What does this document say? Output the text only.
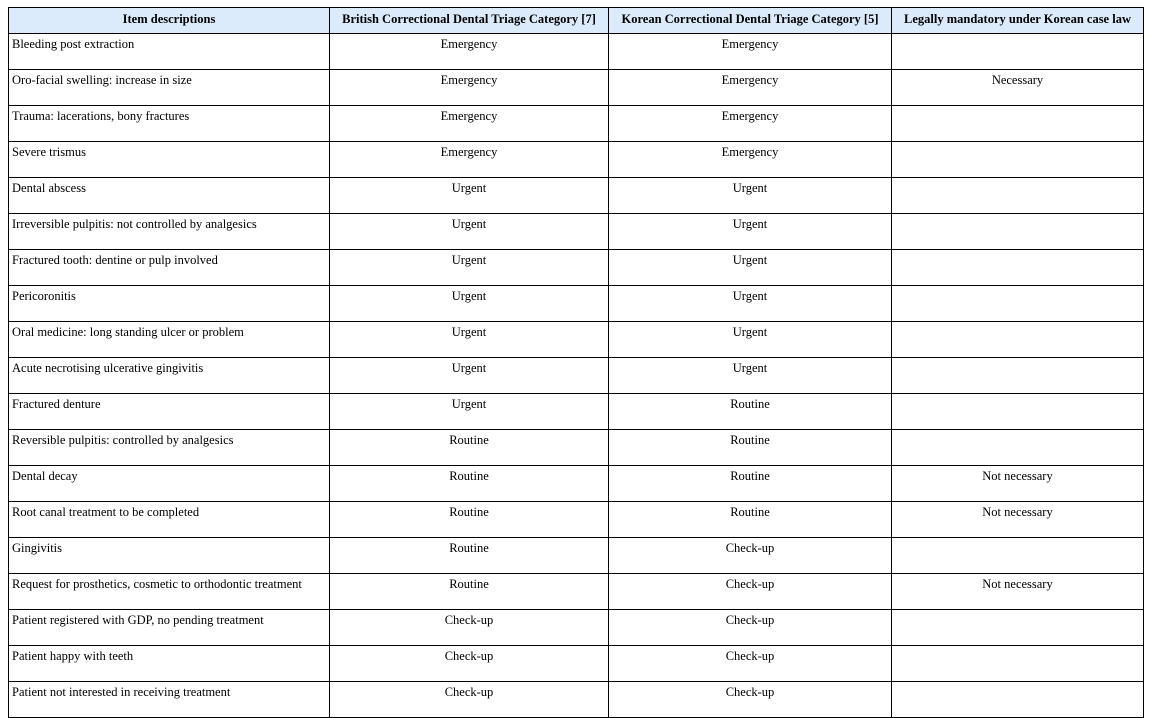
Item descriptions	British Correctional Dental Triage Category [7]	Korean Correctional Dental Triage Category [5]	Legally mandatory under Korean case law
Bleeding post extraction	Emergency	Emergency	
Oro-facial swelling: increase in size	Emergency	Emergency	Necessary
Trauma: lacerations, bony fractures	Emergency	Emergency	
Severe trismus	Emergency	Emergency	
Dental abscess	Urgent	Urgent	
Irreversible pulpitis: not controlled by analgesics	Urgent	Urgent	
Fractured tooth: dentine or pulp involved	Urgent	Urgent	
Pericoronitis	Urgent	Urgent	
Oral medicine: long standing ulcer or problem	Urgent	Urgent	
Acute necrotising ulcerative gingivitis	Urgent	Urgent	
Fractured denture	Urgent	Routine	
Reversible pulpitis: controlled by analgesics	Routine	Routine	
Dental decay	Routine	Routine	Not necessary
Root canal treatment to be completed	Routine	Routine	Not necessary
Gingivitis	Routine	Check-up	
Request for prosthetics, cosmetic to orthodontic treatment	Routine	Check-up	Not necessary
Patient registered with GDP, no pending treatment	Check-up	Check-up	
Patient happy with teeth	Check-up	Check-up	
Patient not interested in receiving treatment	Check-up	Check-up	
